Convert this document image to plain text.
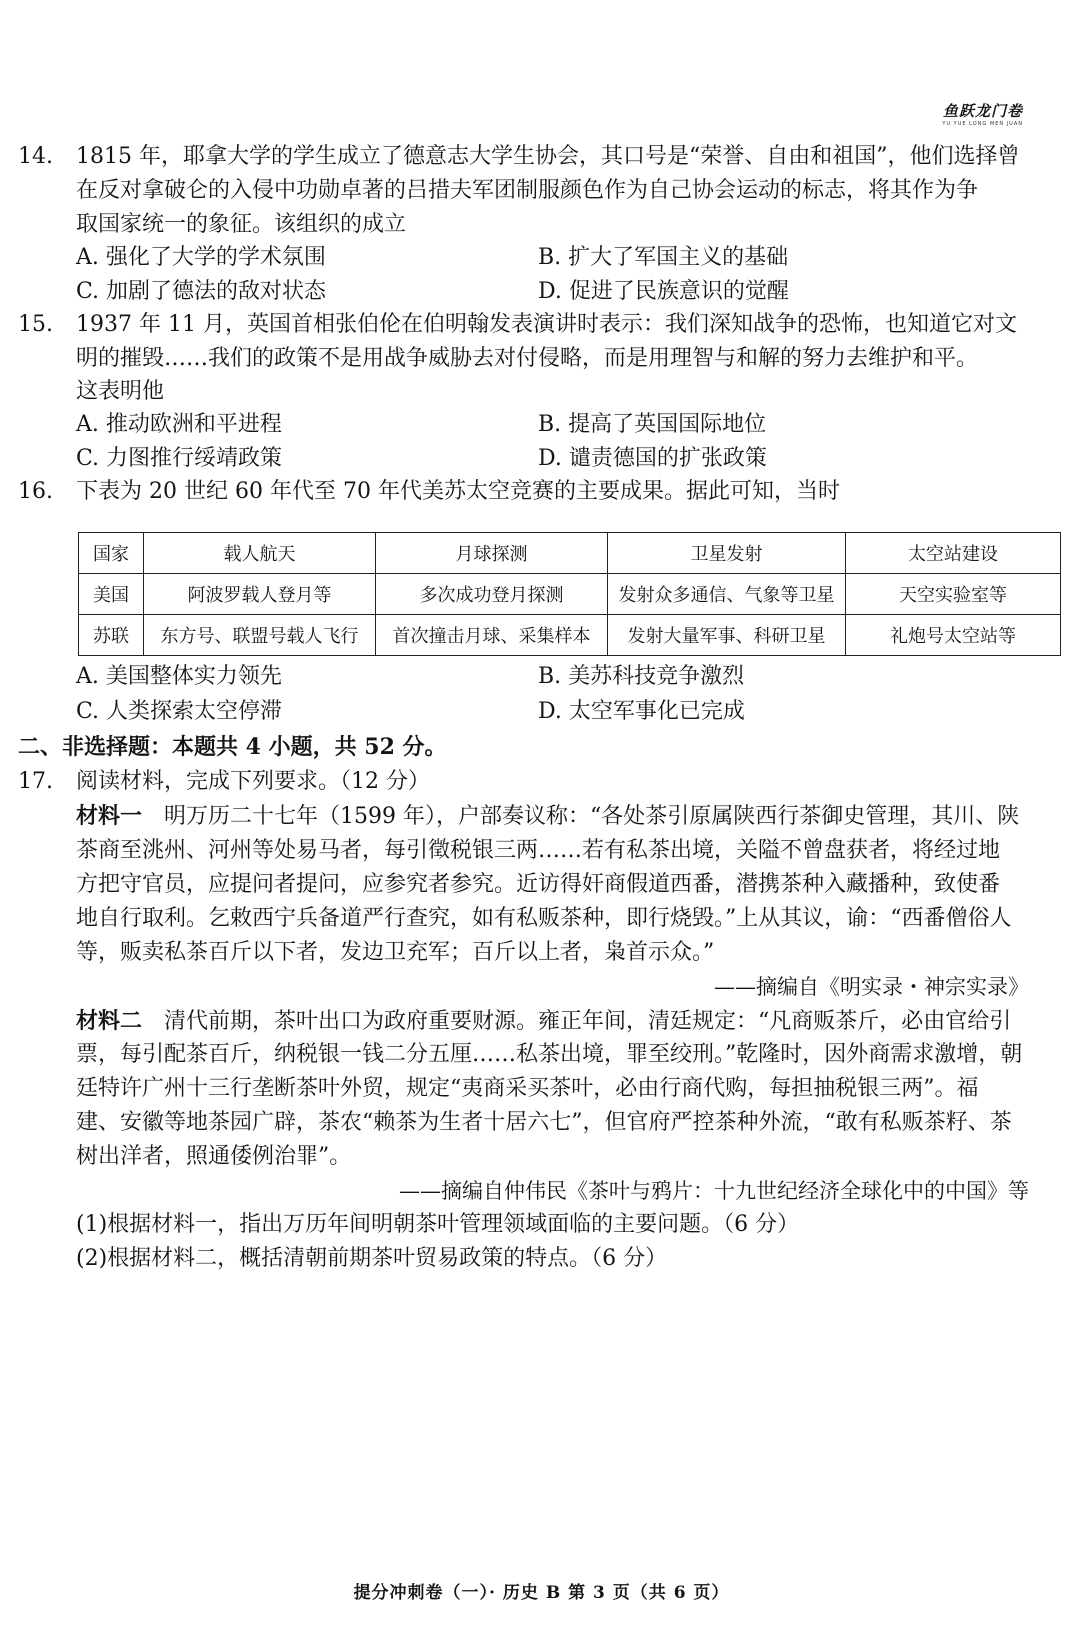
鱼跃龙门卷
YU YUE LONG MEN JUAN
14. 1815 年，耶拿大学的学生成立了德意志大学生协会，其口号是“荣誉、自由和祖国”，他们选择曾
在反对拿破仑的入侵中功勋卓著的吕措夫军团制服颜色作为自己协会运动的标志，将其作为争
取国家统一的象征。该组织的成立
A. 强化了大学的学术氛围	B. 扩大了军国主义的基础
C. 加剧了德法的敌对状态	D. 促进了民族意识的觉醒
15. 1937 年 11 月，英国首相张伯伦在伯明翰发表演讲时表示：我们深知战争的恐怖，也知道它对文
明的摧毁……我们的政策不是用战争威胁去对付侵略，而是用理智与和解的努力去维护和平。
这表明他
A. 推动欧洲和平进程	B. 提高了英国国际地位
C. 力图推行绥靖政策	D. 谴责德国的扩张政策
16. 下表为 20 世纪 60 年代至 70 年代美苏太空竞赛的主要成果。据此可知，当时
国家	载人航天	月球探测	卫星发射	太空站建设
美国	阿波罗载人登月等	多次成功登月探测	发射众多通信、气象等卫星	天空实验室等
苏联	东方号、联盟号载人飞行	首次撞击月球、采集样本	发射大量军事、科研卫星	礼炮号太空站等
A. 美国整体实力领先	B. 美苏科技竞争激烈
C. 人类探索太空停滞	D. 太空军事化已完成
二、非选择题：本题共 4 小题，共 52 分。
17. 阅读材料，完成下列要求。（12 分）
材料一 明万历二十七年（1599 年），户部奏议称：“各处茶引原属陕西行茶御史管理，其川、陕
茶商至洮州、河州等处易马者，每引徵税银三两……若有私茶出境，关隘不曾盘获者，将经过地
方把守官员，应提问者提问，应参究者参究。近访得奸商假道西番，潜携茶种入藏播种，致使番
地自行取利。乞敕西宁兵备道严行查究，如有私贩茶种，即行烧毁。”上从其议，谕：“西番僧俗人
等，贩卖私茶百斤以下者，发边卫充军；百斤以上者，枭首示众。”
——摘编自《明实录・神宗实录》
材料二 清代前期，茶叶出口为政府重要财源。雍正年间，清廷规定：“凡商贩茶斤，必由官给引
票，每引配茶百斤，纳税银一钱二分五厘……私茶出境，罪至绞刑。”乾隆时，因外商需求激增，朝
廷特许广州十三行垄断茶叶外贸，规定“夷商采买茶叶，必由行商代购，每担抽税银三两”。福
建、安徽等地茶园广辟，茶农“赖茶为生者十居六七”，但官府严控茶种外流，“敢有私贩茶籽、茶
树出洋者，照通倭例治罪”。
——摘编自仲伟民《茶叶与鸦片：十九世纪经济全球化中的中国》等
(1)根据材料一，指出万历年间明朝茶叶管理领域面临的主要问题。（6 分）
(2)根据材料二，概括清朝前期茶叶贸易政策的特点。（6 分）
提分冲刺卷（一）· 历史 B 第 3 页（共 6 页）
